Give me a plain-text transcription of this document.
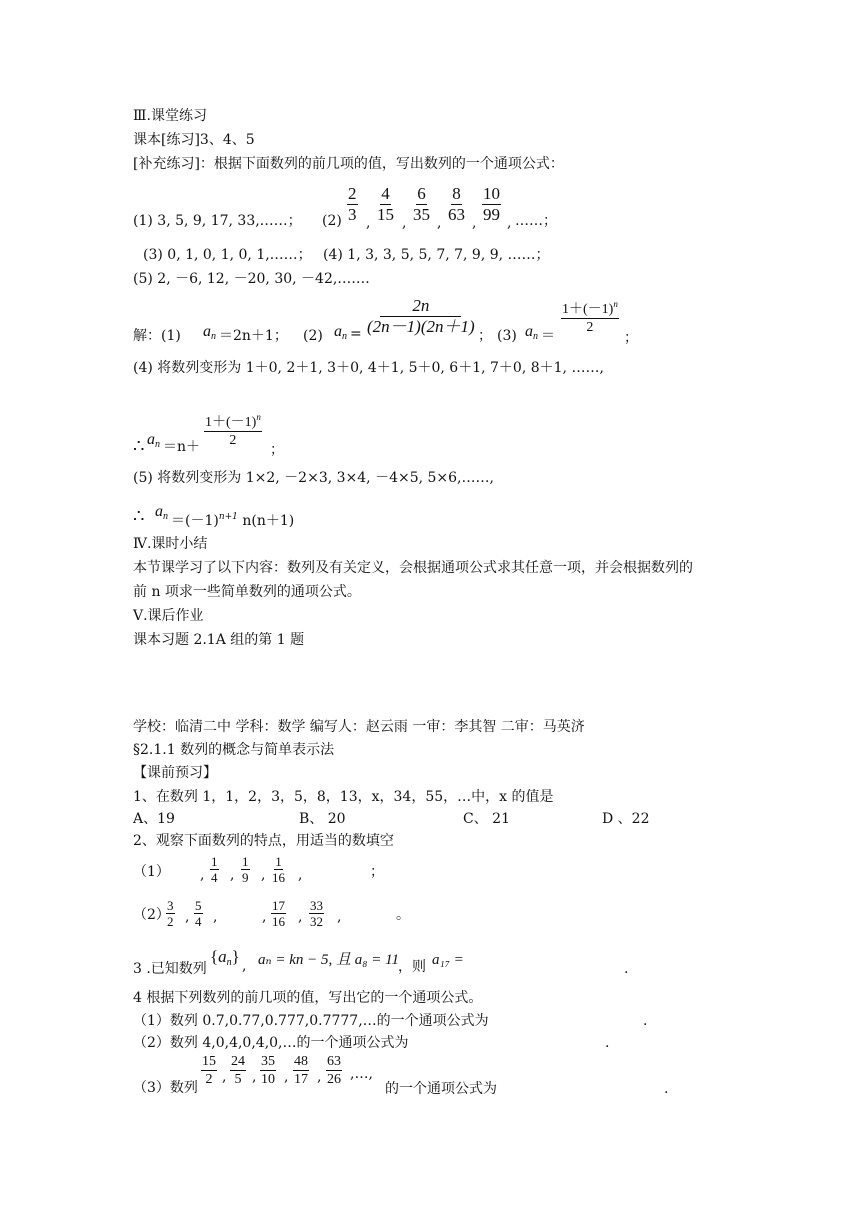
Ⅲ.课堂练习
课本[练习]3、4、5
[补充练习]：根据下面数列的前几项的值，写出数列的一个通项公式：
(1) 3, 5, 9, 17, 33,……； (2)
2
3 ,
4
15 ,
6
35 ,
8
63 ,
10
99 , ……；
(3) 0, 1, 0, 1, 0, 1,……； (4) 1, 3, 3, 5, 5, 7, 7, 9, 9, ……；
(5) 2, －6, 12, －20, 30, －42,…….
解：(1) $a_n =2n+1$； (2) $a_n$ =
2n
(2n－1)(2n＋1) ； (3) $a_n$ ＝
$1+(-1)^n$
2
；
(4) 将数列变形为 1＋0, 2＋1, 3＋0, 4＋1, 5＋0, 6＋1, 7＋0, 8＋1, ……,
∴ $a_n =n+$
$1+(-1)^n$
2
；
(5) 将数列变形为 1×2, －2×3, 3×4, －4×5, 5×6,……,
∴ $a_n =(-1)^{n+1}$ n(n＋1)
Ⅳ.课时小结
本节课学习了以下内容：数列及有关定义，会根据通项公式求其任意一项，并会根据数列的
前 n 项求一些简单数列的通项公式。
Ⅴ.课后作业
课本习题 2.1A 组的第 1 题
学校：临清二中 学科：数学 编写人：赵云雨 一审：李其智 二审：马英济
§2.1.1 数列的概念与简单表示法
【课前预习】
1、在数列 1，1，2，3，5，8，13，x，34，55，…中，x 的值是
A、19	B、 20	C、 21	D 、22
2、观察下面数列的特点，用适当的数填空
（1） ,
1
4 ,
1
9 ,
1
16 ,	；
（2）
3
2 ,
5
4 ,	,
17
16 ,
33
32 ,	。
3 .已知数列
$\{a_n\}$ , aₙ = kn − 5, 且 a₈ = 11 ，则 a₁₇ =
.
4 根据下列数列的前几项的值，写出它的一个通项公式。
（1）数列 0.7,0.77,0.777,0.7777,…的一个通项公式为	.
（2）数列 4,0,4,0,4,0,…的一个通项公式为	.
（3）数列
15
2 ,
24
5 ,
35
10 ,
48
17 ,
63
26 ,…,
的一个通项公式为	.
